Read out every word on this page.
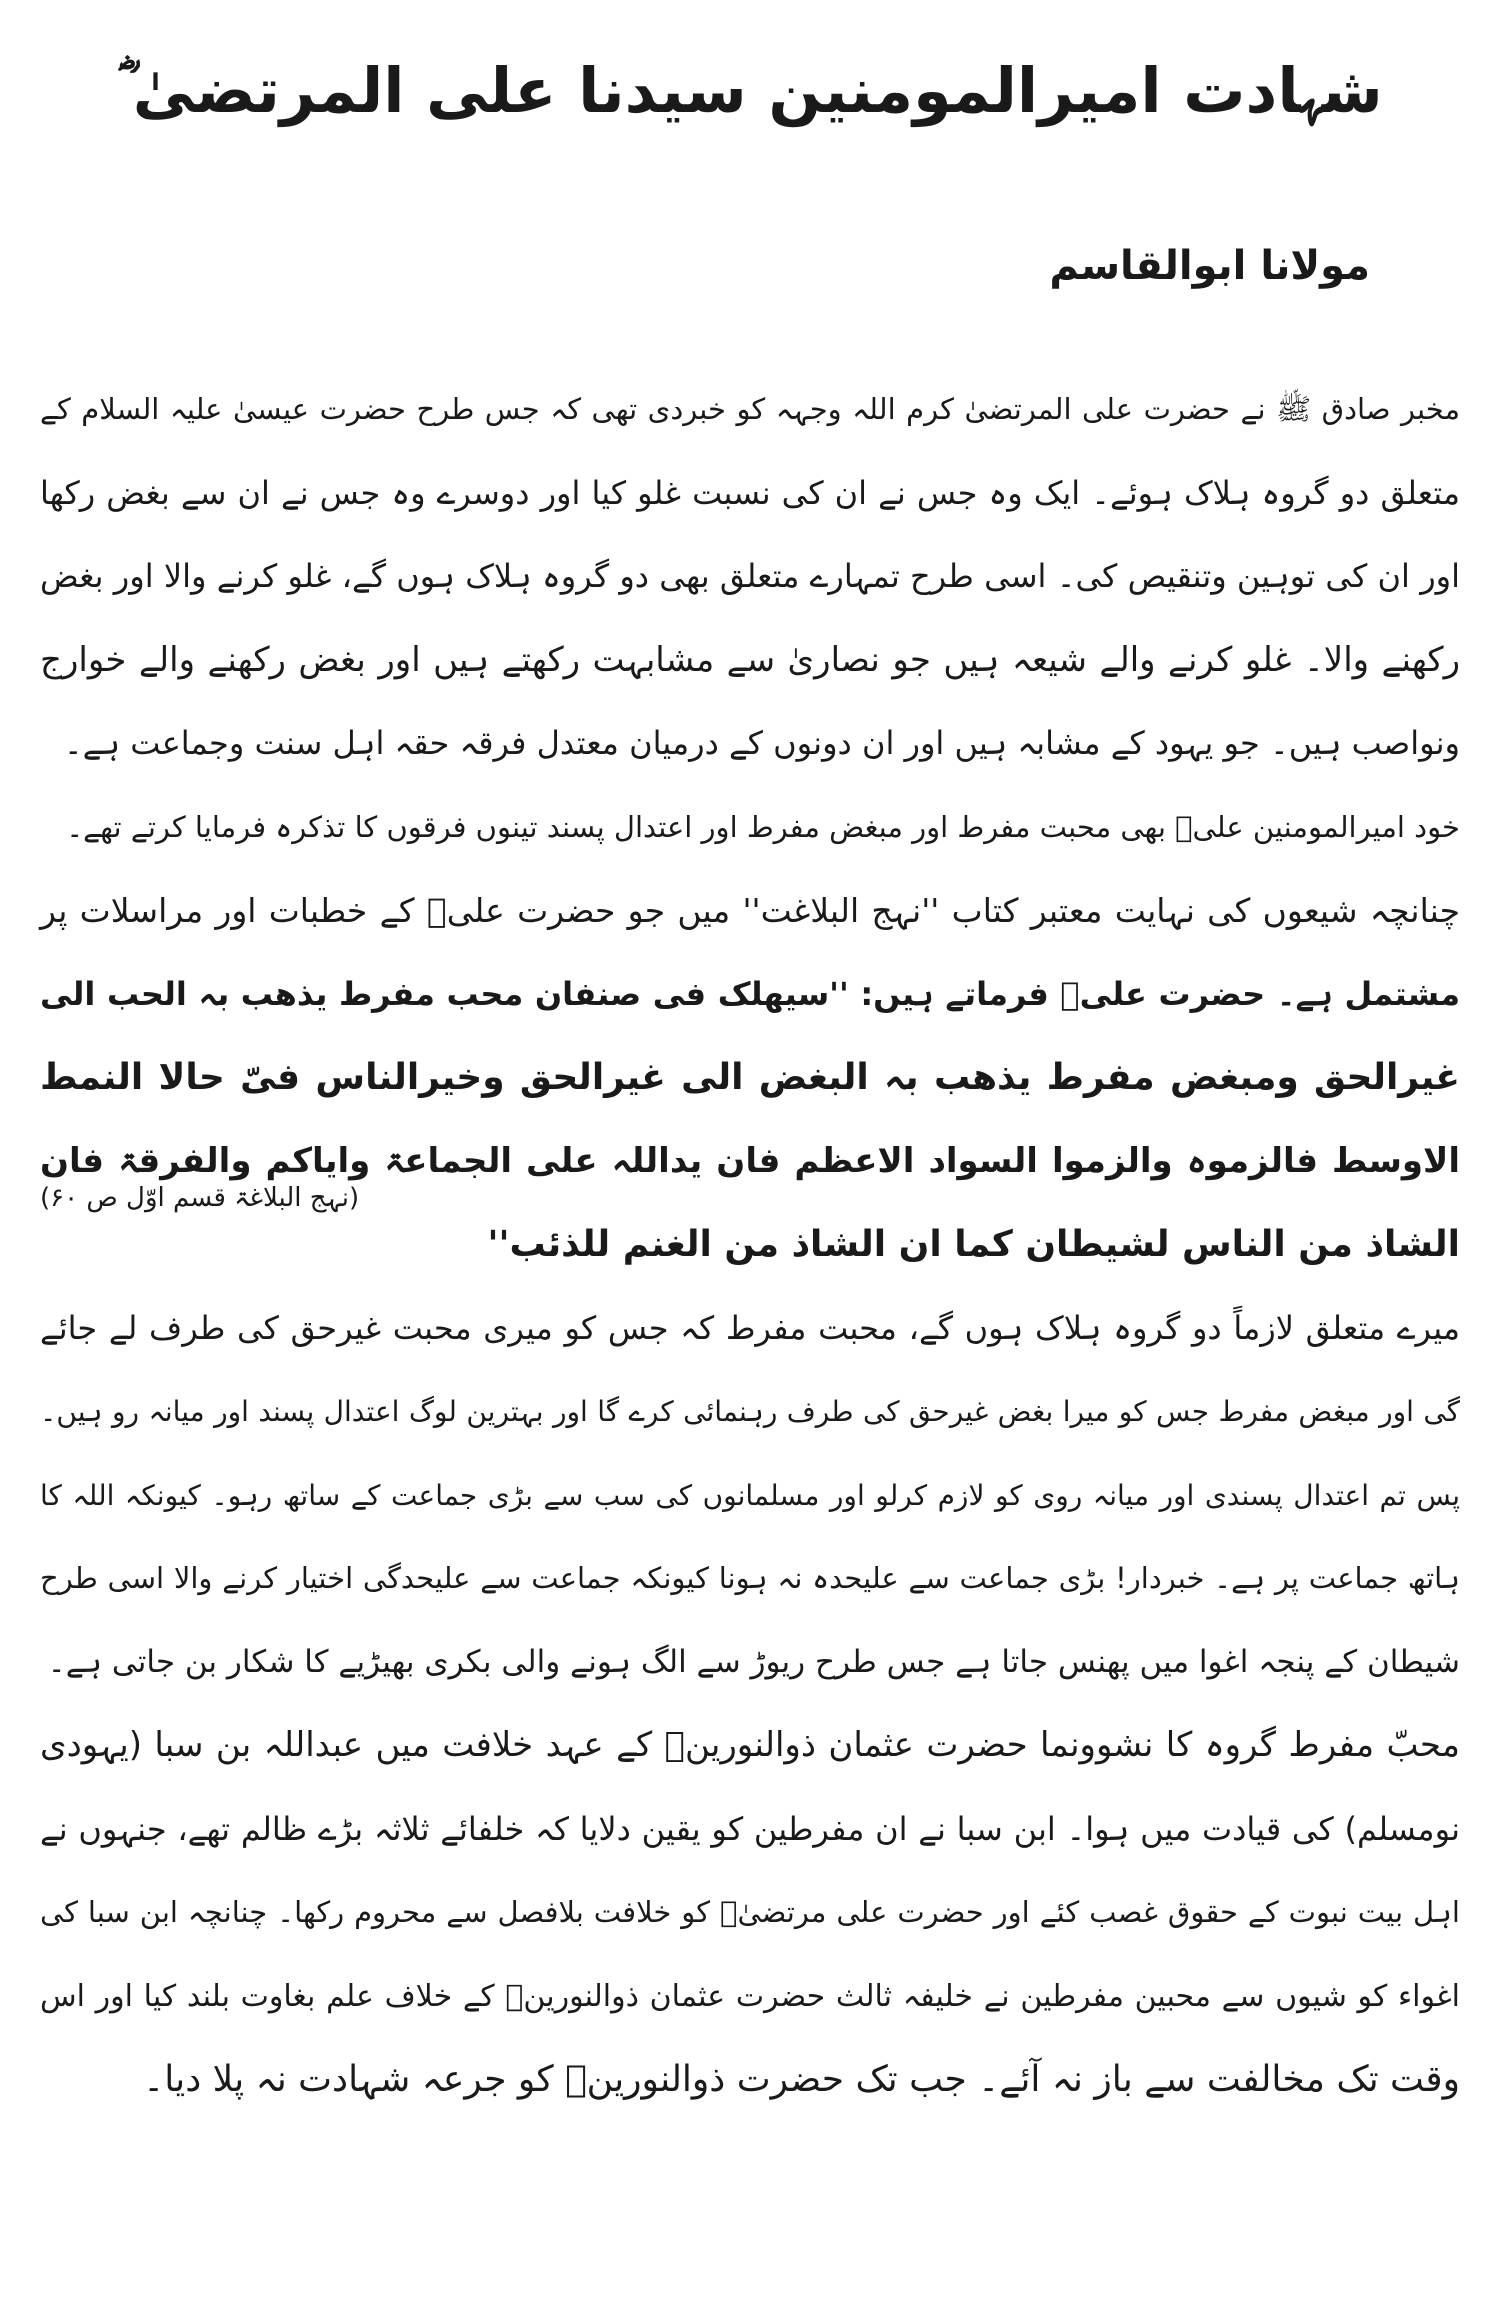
شہادت امیرالمومنین سیدنا علی المرتضیٰ ؓ
مولانا ابوالقاسم
مخبر صادق ﷺ نے حضرت علی المرتضیٰ کرم اللہ وجہہ کو خبردی تھی کہ جس طرح حضرت عیسیٰ علیہ السلام کے
متعلق دو گروہ ہلاک ہوئے۔ ایک وہ جس نے ان کی نسبت غلو کیا اور دوسرے وہ جس نے ان سے بغض رکھا
اور ان کی توہین وتنقیص کی۔ اسی طرح تمہارے متعلق بھی دو گروہ ہلاک ہوں گے، غلو کرنے والا اور بغض
رکھنے والا۔ غلو کرنے والے شیعہ ہیں جو نصاریٰ سے مشابہت رکھتے ہیں اور بغض رکھنے والے خوارج
ونواصب ہیں۔ جو یہود کے مشابہ ہیں اور ان دونوں کے درمیان معتدل فرقہ حقہ اہل سنت وجماعت ہے۔
خود امیرالمومنین علیؓ بھی محبت مفرط اور مبغض مفرط اور اعتدال پسند تینوں فرقوں کا تذکرہ فرمایا کرتے تھے۔
چنانچہ شیعوں کی نہایت معتبر کتاب ''نہج البلاغت'' میں جو حضرت علیؓ کے خطبات اور مراسلات پر
مشتمل ہے۔ حضرت علیؓ فرماتے ہیں: ''سیھلک فی صنفان محب مفرط یذھب بہ الحب الی
غیرالحق ومبغض مفرط یذھب بہ البغض الی غیرالحق وخیرالناس فیّ حالا النمط
الاوسط فالزموہ والزموا السواد الاعظم فان یداللہ علی الجماعۃ وایاکم والفرقۃ فان
الشاذ من الناس لشیطان کما ان الشاذ من الغنم للذئب''
(نہج البلاغۃ قسم اوّل ص ۶۰)
میرے متعلق لازماً دو گروہ ہلاک ہوں گے، محبت مفرط کہ جس کو میری محبت غیرحق کی طرف لے جائے
گی اور مبغض مفرط جس کو میرا بغض غیرحق کی طرف رہنمائی کرے گا اور بہترین لوگ اعتدال پسند اور میانہ رو ہیں۔
پس تم اعتدال پسندی اور میانہ روی کو لازم کرلو اور مسلمانوں کی سب سے بڑی جماعت کے ساتھ رہو۔ کیونکہ اللہ کا
ہاتھ جماعت پر ہے۔ خبردار! بڑی جماعت سے علیحدہ نہ ہونا کیونکہ جماعت سے علیحدگی اختیار کرنے والا اسی طرح
شیطان کے پنجہ اغوا میں پھنس جاتا ہے جس طرح ریوڑ سے الگ ہونے والی بکری بھیڑیے کا شکار بن جاتی ہے۔
محبّ مفرط گروہ کا نشوونما حضرت عثمان ذوالنورینؓ کے عہد خلافت میں عبداللہ بن سبا (یہودی
نومسلم) کی قیادت میں ہوا۔ ابن سبا نے ان مفرطین کو یقین دلایا کہ خلفائے ثلاثہ بڑے ظالم تھے، جنہوں نے
اہل بیت نبوت کے حقوق غصب کئے اور حضرت علی مرتضیٰؓ کو خلافت بلافصل سے محروم رکھا۔ چنانچہ ابن سبا کی
اغواء کو شیوں سے محبین مفرطین نے خلیفہ ثالث حضرت عثمان ذوالنورینؓ کے خلاف علم بغاوت بلند کیا اور اس
وقت تک مخالفت سے باز نہ آئے۔ جب تک حضرت ذوالنورینؓ کو جرعہ شہادت نہ پلا دیا۔
